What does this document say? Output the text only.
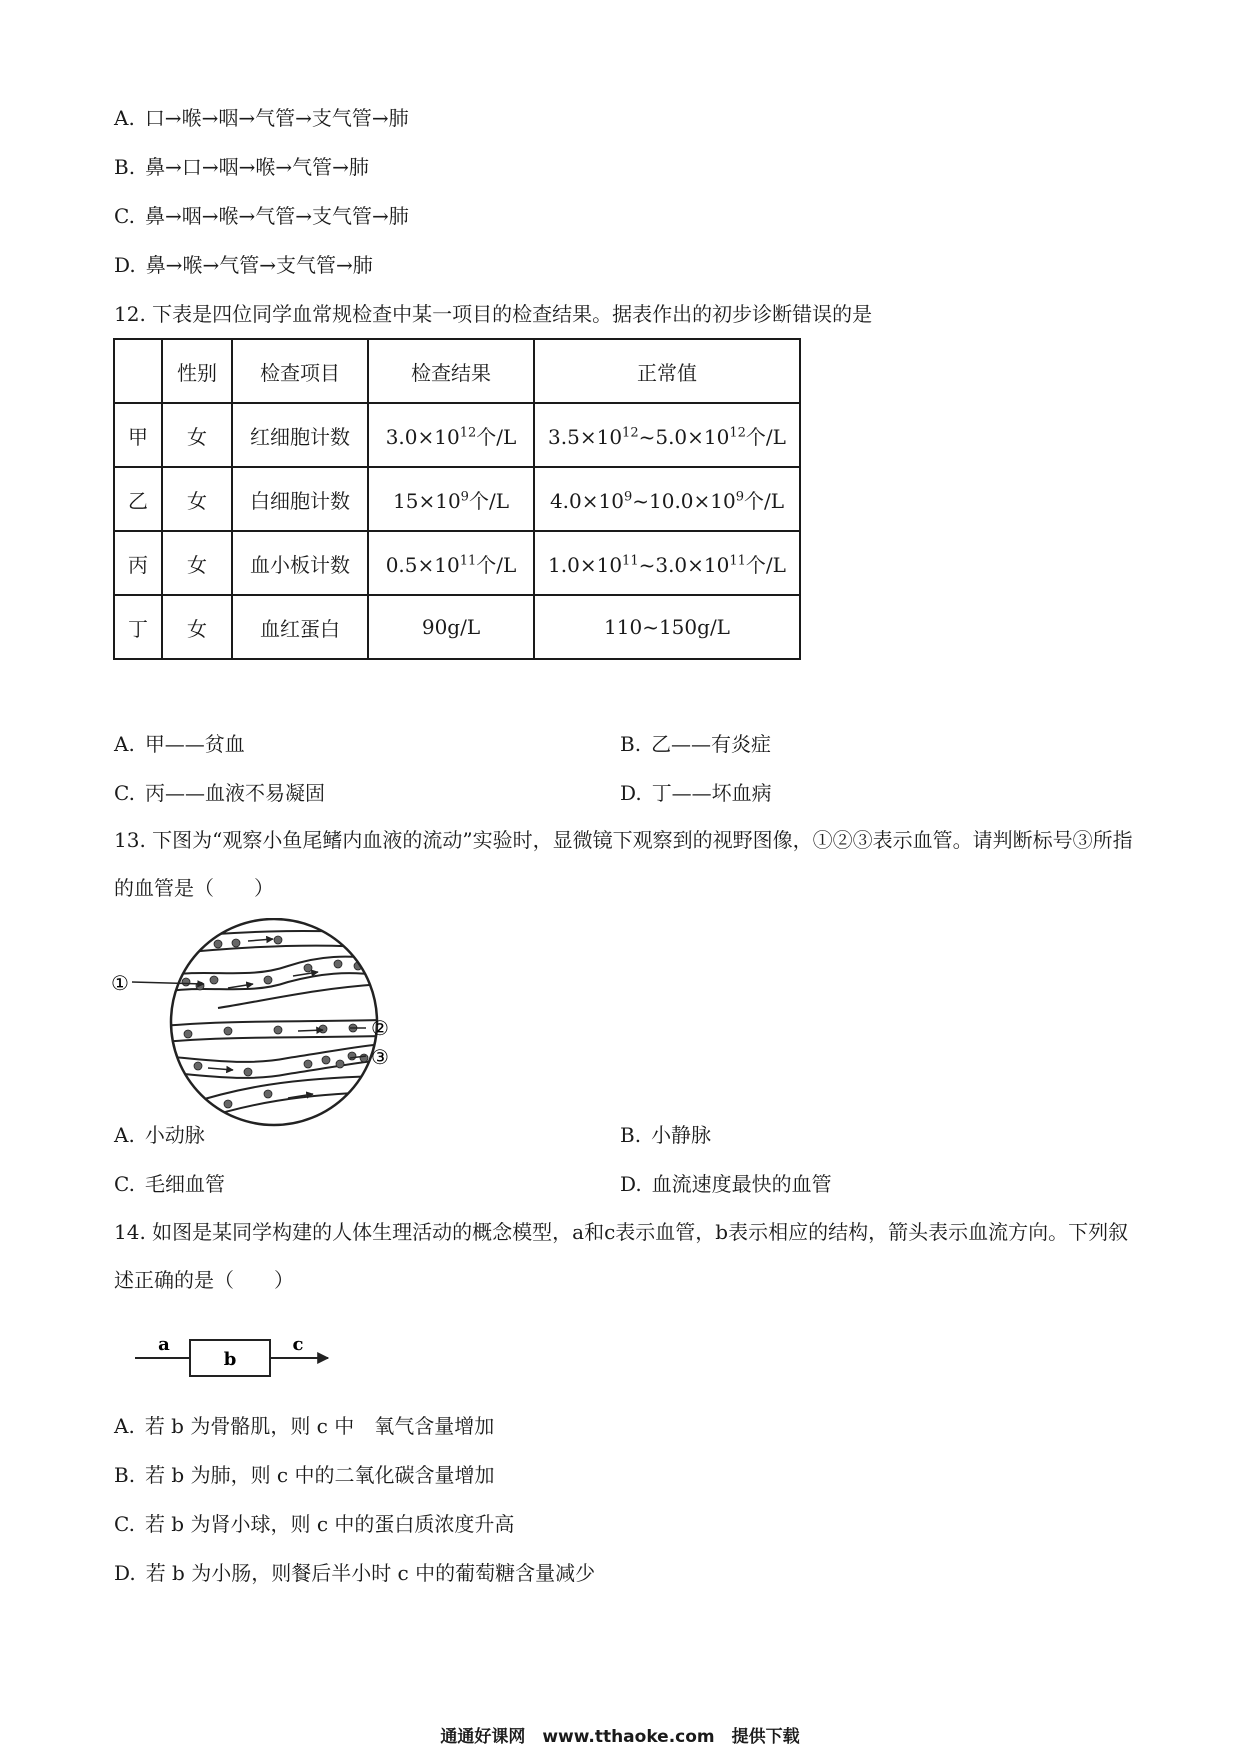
A. 口→喉→咽→气管→支气管→肺
B. 鼻→口→咽→喉→气管→肺
C. 鼻→咽→喉→气管→支气管→肺
D. 鼻→喉→气管→支气管→肺
12. 下表是四位同学血常规检查中某一项目的检查结果。据表作出的初步诊断错误的是
	性别	检查项目	检查结果	正常值
甲	女	红细胞计数	$3.0\times 10^{12}$个/L	$3.5\times 10^{12}\sim 5.0\times 10^{12}$个/L
乙	女	白细胞计数	$15\times 10^9$个/L	$4.0\times 10^9\sim 10.0\times 10^9$个/L
丙	女	血小板计数	$0.5\times 10^{11}$个/L	$1.0\times 10^{11}\sim 3.0\times 10^{11}$个/L
丁	女	血红蛋白	90g/L	110~150g/L
A. 甲——贫血	B. 乙——有炎症
C. 丙——血液不易凝固	D. 丁——坏血病
13. 下图为“观察小鱼尾鳍内血液的流动”实验时，显微镜下观察到的视野图像，①②③表示血管。请判断标号③所指的血管是（　　）
①
②
③
A. 小动脉	B. 小静脉
C. 毛细血管	D. 血流速度最快的血管
14. 如图是某同学构建的人体生理活动的概念模型，a和c表示血管，b表示相应的结构，箭头表示血流方向。下列叙述正确的是（　　）
a
b
c
A. 若 b 为骨骼肌，则 c 中　氧气含量增加
B. 若 b 为肺，则 c 中的二氧化碳含量增加
C. 若 b 为肾小球，则 c 中的蛋白质浓度升高
D. 若 b 为小肠，则餐后半小时 c 中的葡萄糖含量减少
通通好课网　www.tthaoke.com　提供下载
